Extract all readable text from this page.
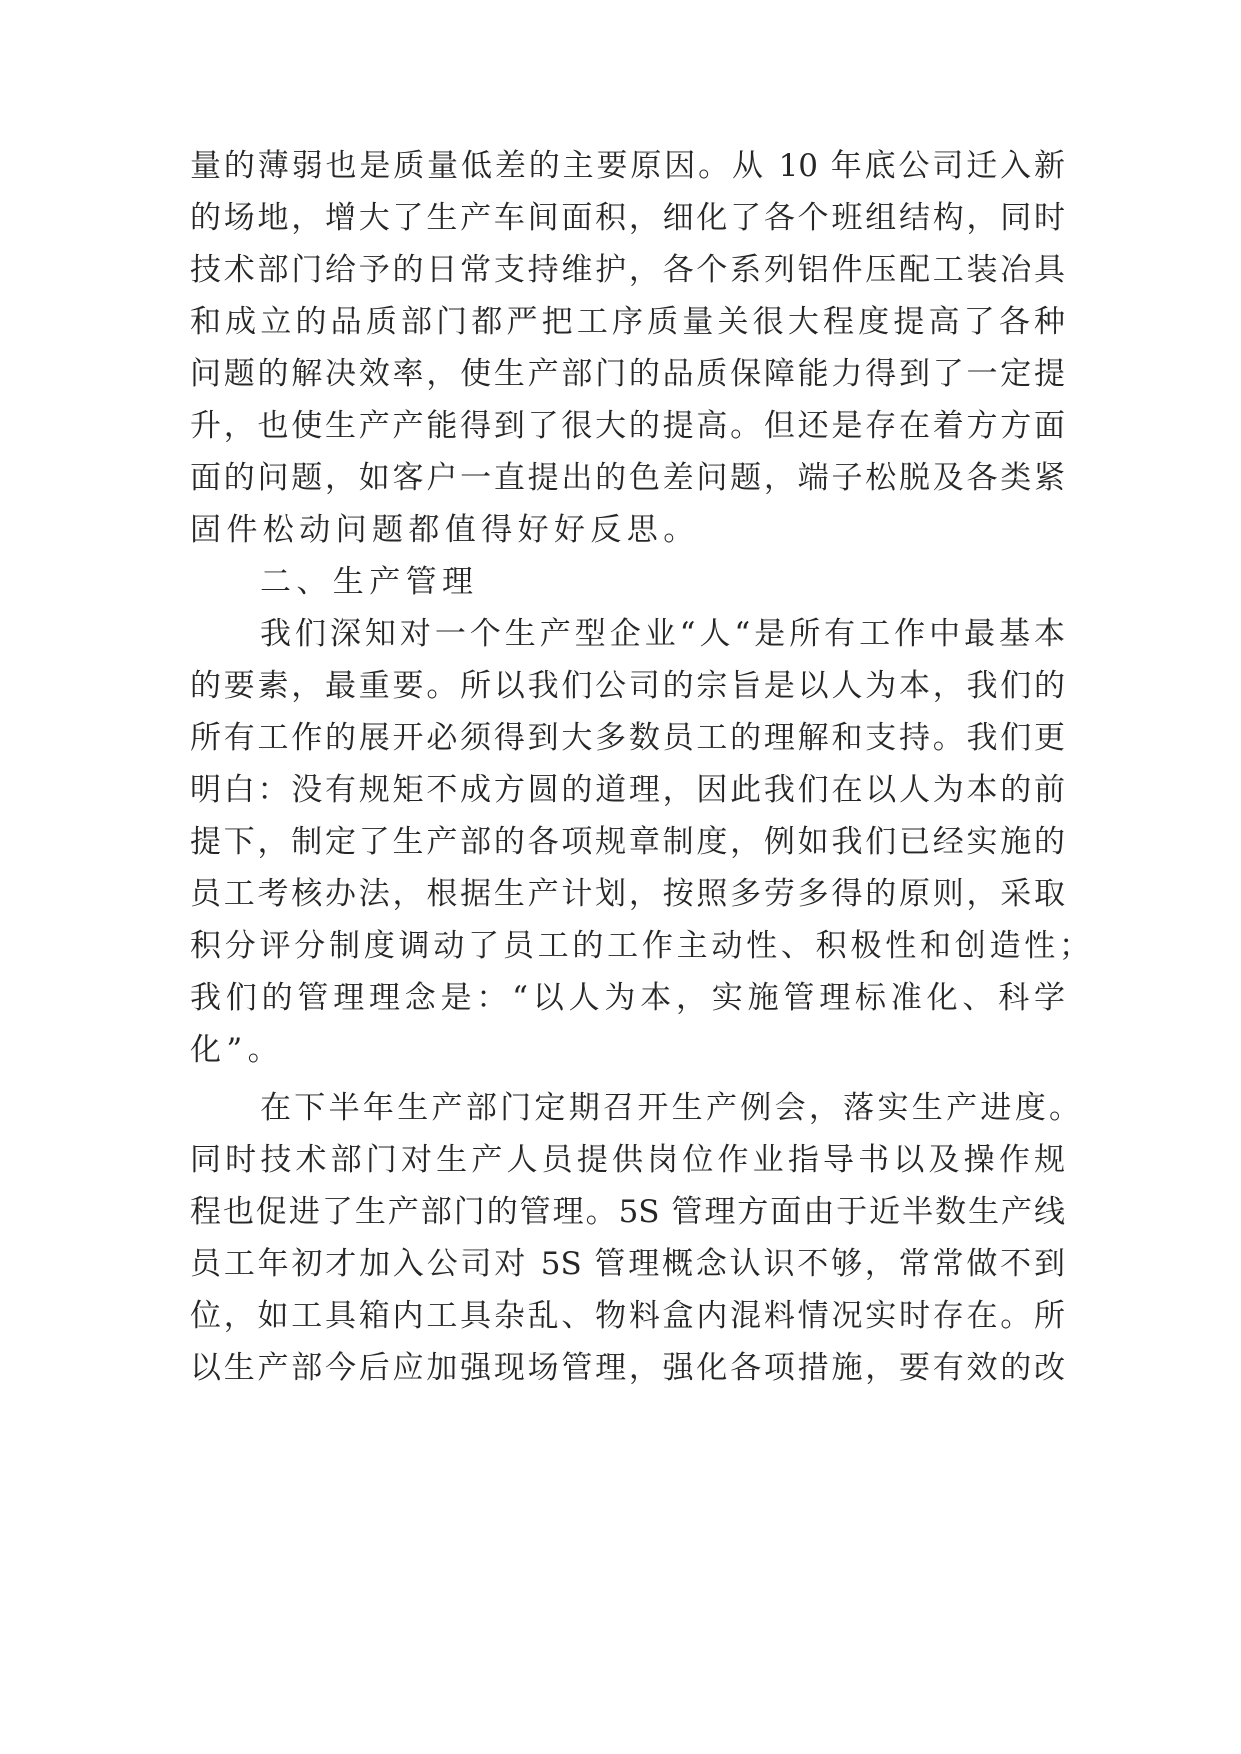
量的薄弱也是质量低差的主要原因。从 10 年底公司迁入新
的场地，增大了生产车间面积，细化了各个班组结构，同时
技术部门给予的日常支持维护，各个系列铝件压配工装冶具
和成立的品质部门都严把工序质量关很大程度提高了各种
问题的解决效率，使生产部门的品质保障能力得到了一定提
升，也使生产产能得到了很大的提高。但还是存在着方方面
面的问题，如客户一直提出的色差问题，端子松脱及各类紧
固件松动问题都值得好好反思。
二、生产管理
我们深知对一个生产型企业“人“是所有工作中最基本
的要素，最重要。所以我们公司的宗旨是以人为本，我们的
所有工作的展开必须得到大多数员工的理解和支持。我们更
明白：没有规矩不成方圆的道理，因此我们在以人为本的前
提下，制定了生产部的各项规章制度，例如我们已经实施的
员工考核办法，根据生产计划，按照多劳多得的原则，采取
积分评分制度调动了员工的工作主动性、积极性和创造性；
我们的管理理念是：“以人为本，实施管理标准化、科学
化”。
在下半年生产部门定期召开生产例会，落实生产进度。
同时技术部门对生产人员提供岗位作业指导书以及操作规
程也促进了生产部门的管理。5S 管理方面由于近半数生产线
员工年初才加入公司对 5S 管理概念认识不够，常常做不到
位，如工具箱内工具杂乱、物料盒内混料情况实时存在。所
以生产部今后应加强现场管理，强化各项措施，要有效的改
